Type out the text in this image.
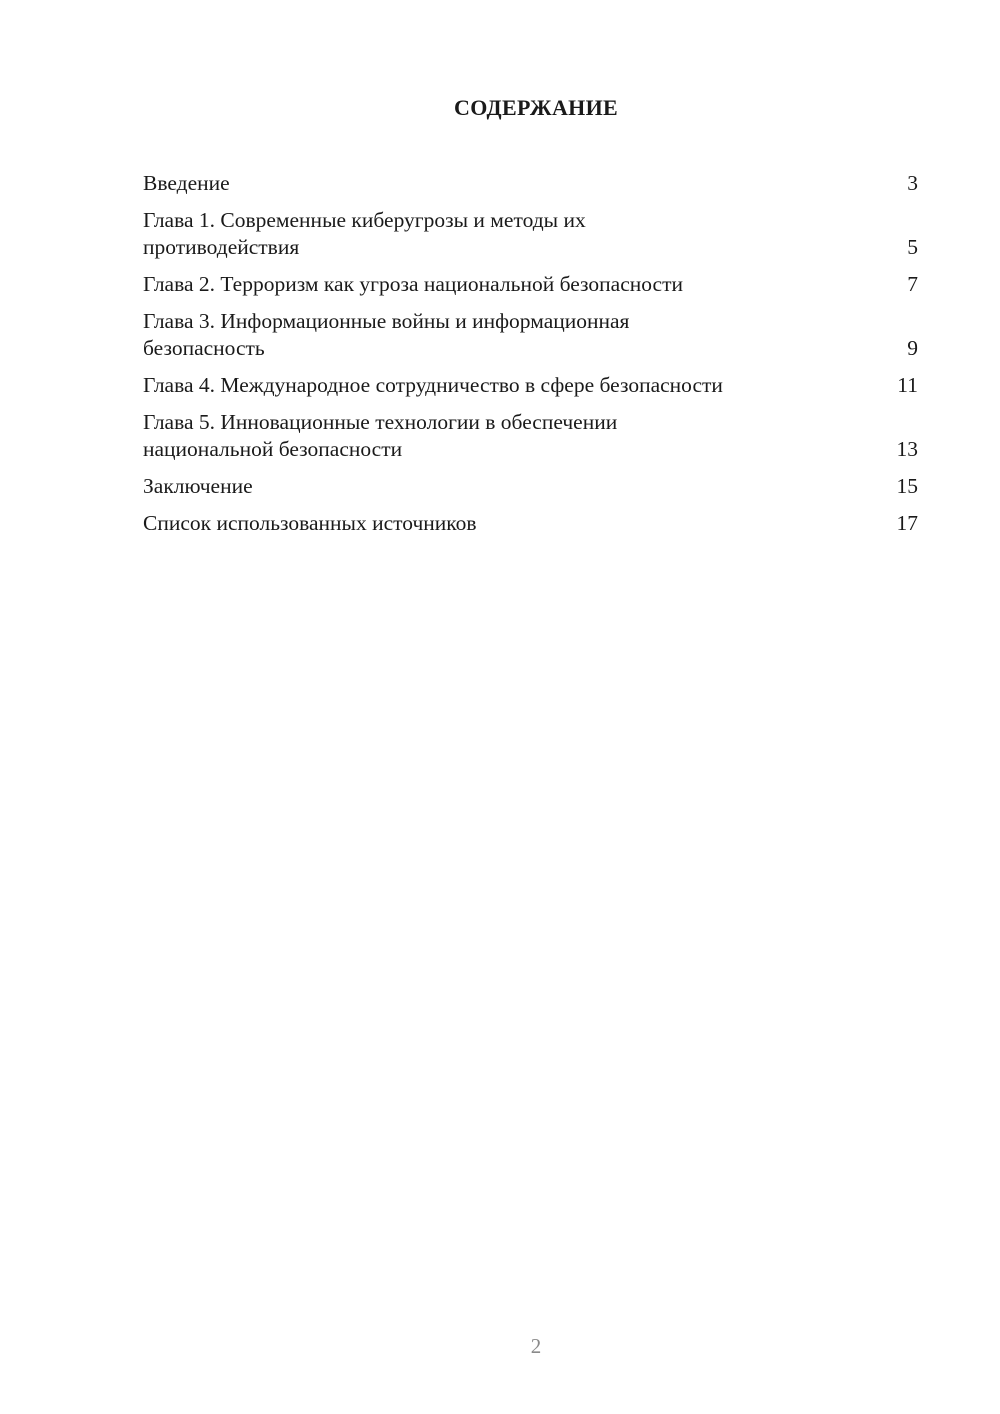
СОДЕРЖАНИЕ
Введение	3
Глава 1. Современные киберугрозы и методы их
противодействия	5
Глава 2. Терроризм как угроза национальной безопасности	7
Глава 3. Информационные войны и информационная
безопасность	9
Глава 4. Международное сотрудничество в сфере безопасности	11
Глава 5. Инновационные технологии в обеспечении
национальной безопасности	13
Заключение	15
Список использованных источников	17
2
